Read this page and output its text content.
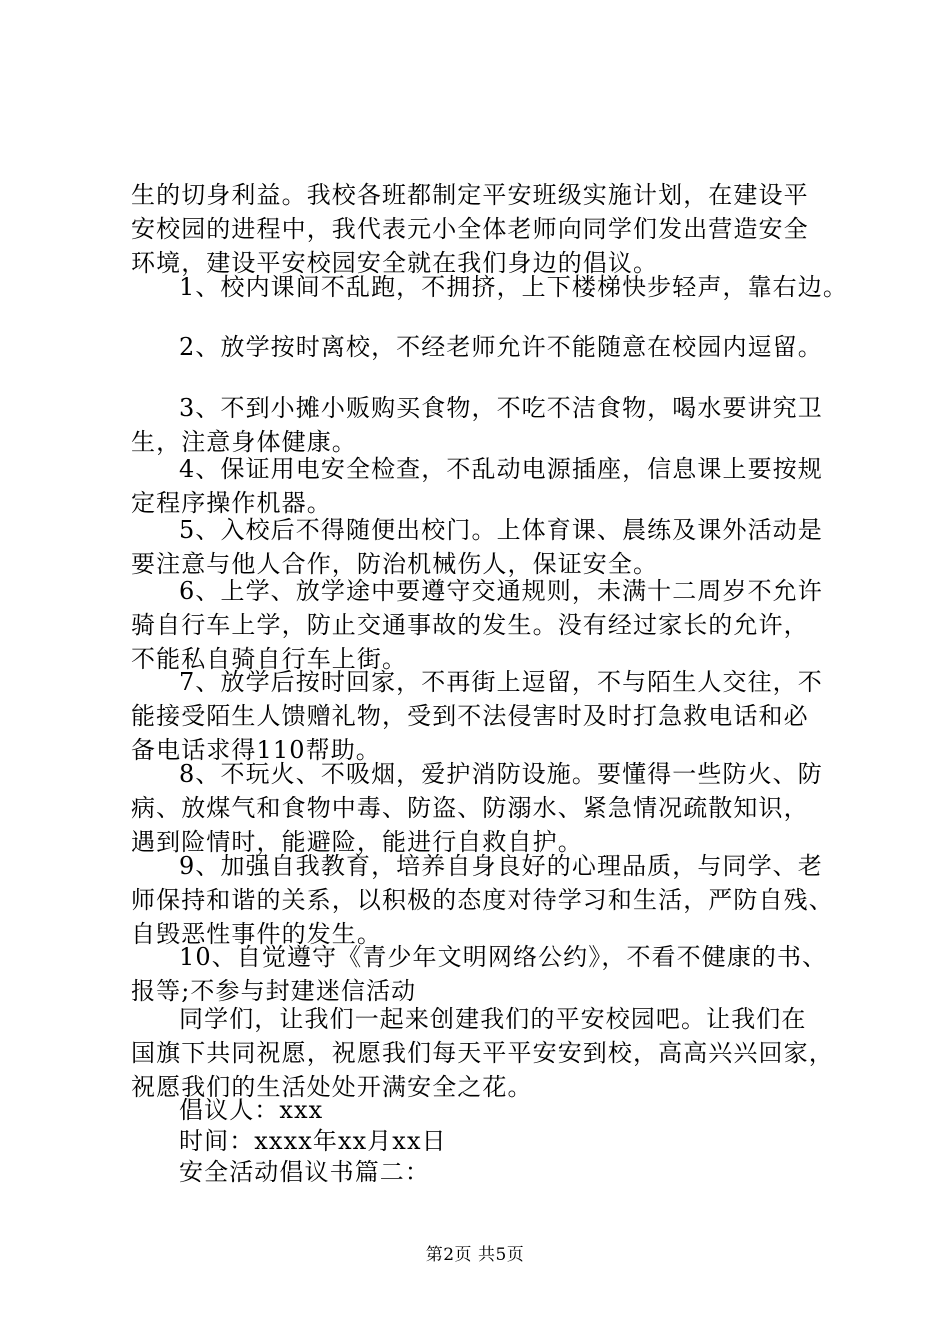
生的切身利益。我校各班都制定平安班级实施计划，在建设平
安校园的进程中，我代表元小全体老师向同学们发出营造安全
环境，建设平安校园安全就在我们身边的倡议。
1、校内课间不乱跑，不拥挤，上下楼梯快步轻声，靠右边。
2、放学按时离校，不经老师允许不能随意在校园内逗留。
3、不到小摊小贩购买食物，不吃不洁食物，喝水要讲究卫
生，注意身体健康。
4、保证用电安全检查，不乱动电源插座，信息课上要按规
定程序操作机器。
5、入校后不得随便出校门。上体育课、晨练及课外活动是
要注意与他人合作，防治机械伤人，保证安全。
6、上学、放学途中要遵守交通规则，未满十二周岁不允许
骑自行车上学，防止交通事故的发生。没有经过家长的允许，
不能私自骑自行车上街。
7、放学后按时回家，不再街上逗留，不与陌生人交往，不
能接受陌生人馈赠礼物，受到不法侵害时及时打急救电话和必
备电话求得110帮助。
8、不玩火、不吸烟，爱护消防设施。要懂得一些防火、防
病、放煤气和食物中毒、防盗、防溺水、紧急情况疏散知识，
遇到险情时，能避险，能进行自救自护。
9、加强自我教育，培养自身良好的心理品质，与同学、老
师保持和谐的关系，以积极的态度对待学习和生活，严防自残、
自毁恶性事件的发生。
10、自觉遵守《青少年文明网络公约》，不看不健康的书、
报等;不参与封建迷信活动
同学们，让我们一起来创建我们的平安校园吧。让我们在
国旗下共同祝愿，祝愿我们每天平平安安到校，高高兴兴回家，
祝愿我们的生活处处开满安全之花。
倡议人：xxx
时间：xxxx年xx月xx日
安全活动倡议书篇二：
第2页 共5页
